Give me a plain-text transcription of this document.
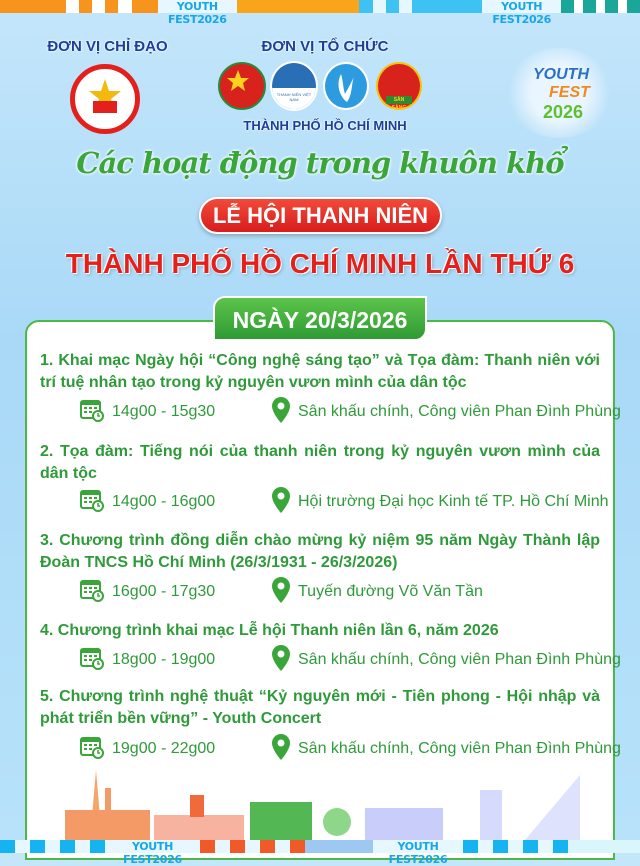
YOUTH FEST2026
YOUTH FEST2026
ĐƠN VỊ CHỈ ĐẠO	ĐƠN VỊ TỔ CHỨC
THANH NIÊN VIỆT NAM	SẴN SÀNG
THÀNH PHỐ HỒ CHÍ MINH
YOUTH
FEST
2026
Các hoạt động trong khuôn khổ
LỄ HỘI THANH NIÊN
THÀNH PHỐ HỒ CHÍ MINH LẦN THỨ 6
NGÀY 20/3/2026
1. Khai mạc Ngày hội “Công nghệ sáng tạo” và Tọa đàm: Thanh niên với trí tuệ nhân tạo trong kỷ nguyên vươn mình của dân tộc
14g00 - 15g30	Sân khấu chính, Công viên Phan Đình Phùng
2. Tọa đàm: Tiếng nói của thanh niên trong kỷ nguyên vươn mình của dân tộc
14g00 - 16g00	Hội trường Đại học Kinh tế TP. Hồ Chí Minh
3. Chương trình đồng diễn chào mừng kỷ niệm 95 năm Ngày Thành lập Đoàn TNCS Hồ Chí Minh (26/3/1931 - 26/3/2026)
16g00 - 17g30	Tuyến đường Võ Văn Tần
4. Chương trình khai mạc Lễ hội Thanh niên lần 6, năm 2026
18g00 - 19g00	Sân khấu chính, Công viên Phan Đình Phùng
5. Chương trình nghệ thuật “Kỷ nguyên mới - Tiên phong - Hội nhập và phát triển bền vững” - Youth Concert
19g00 - 22g00	Sân khấu chính, Công viên Phan Đình Phùng
YOUTH FEST2026
YOUTH FEST2026
